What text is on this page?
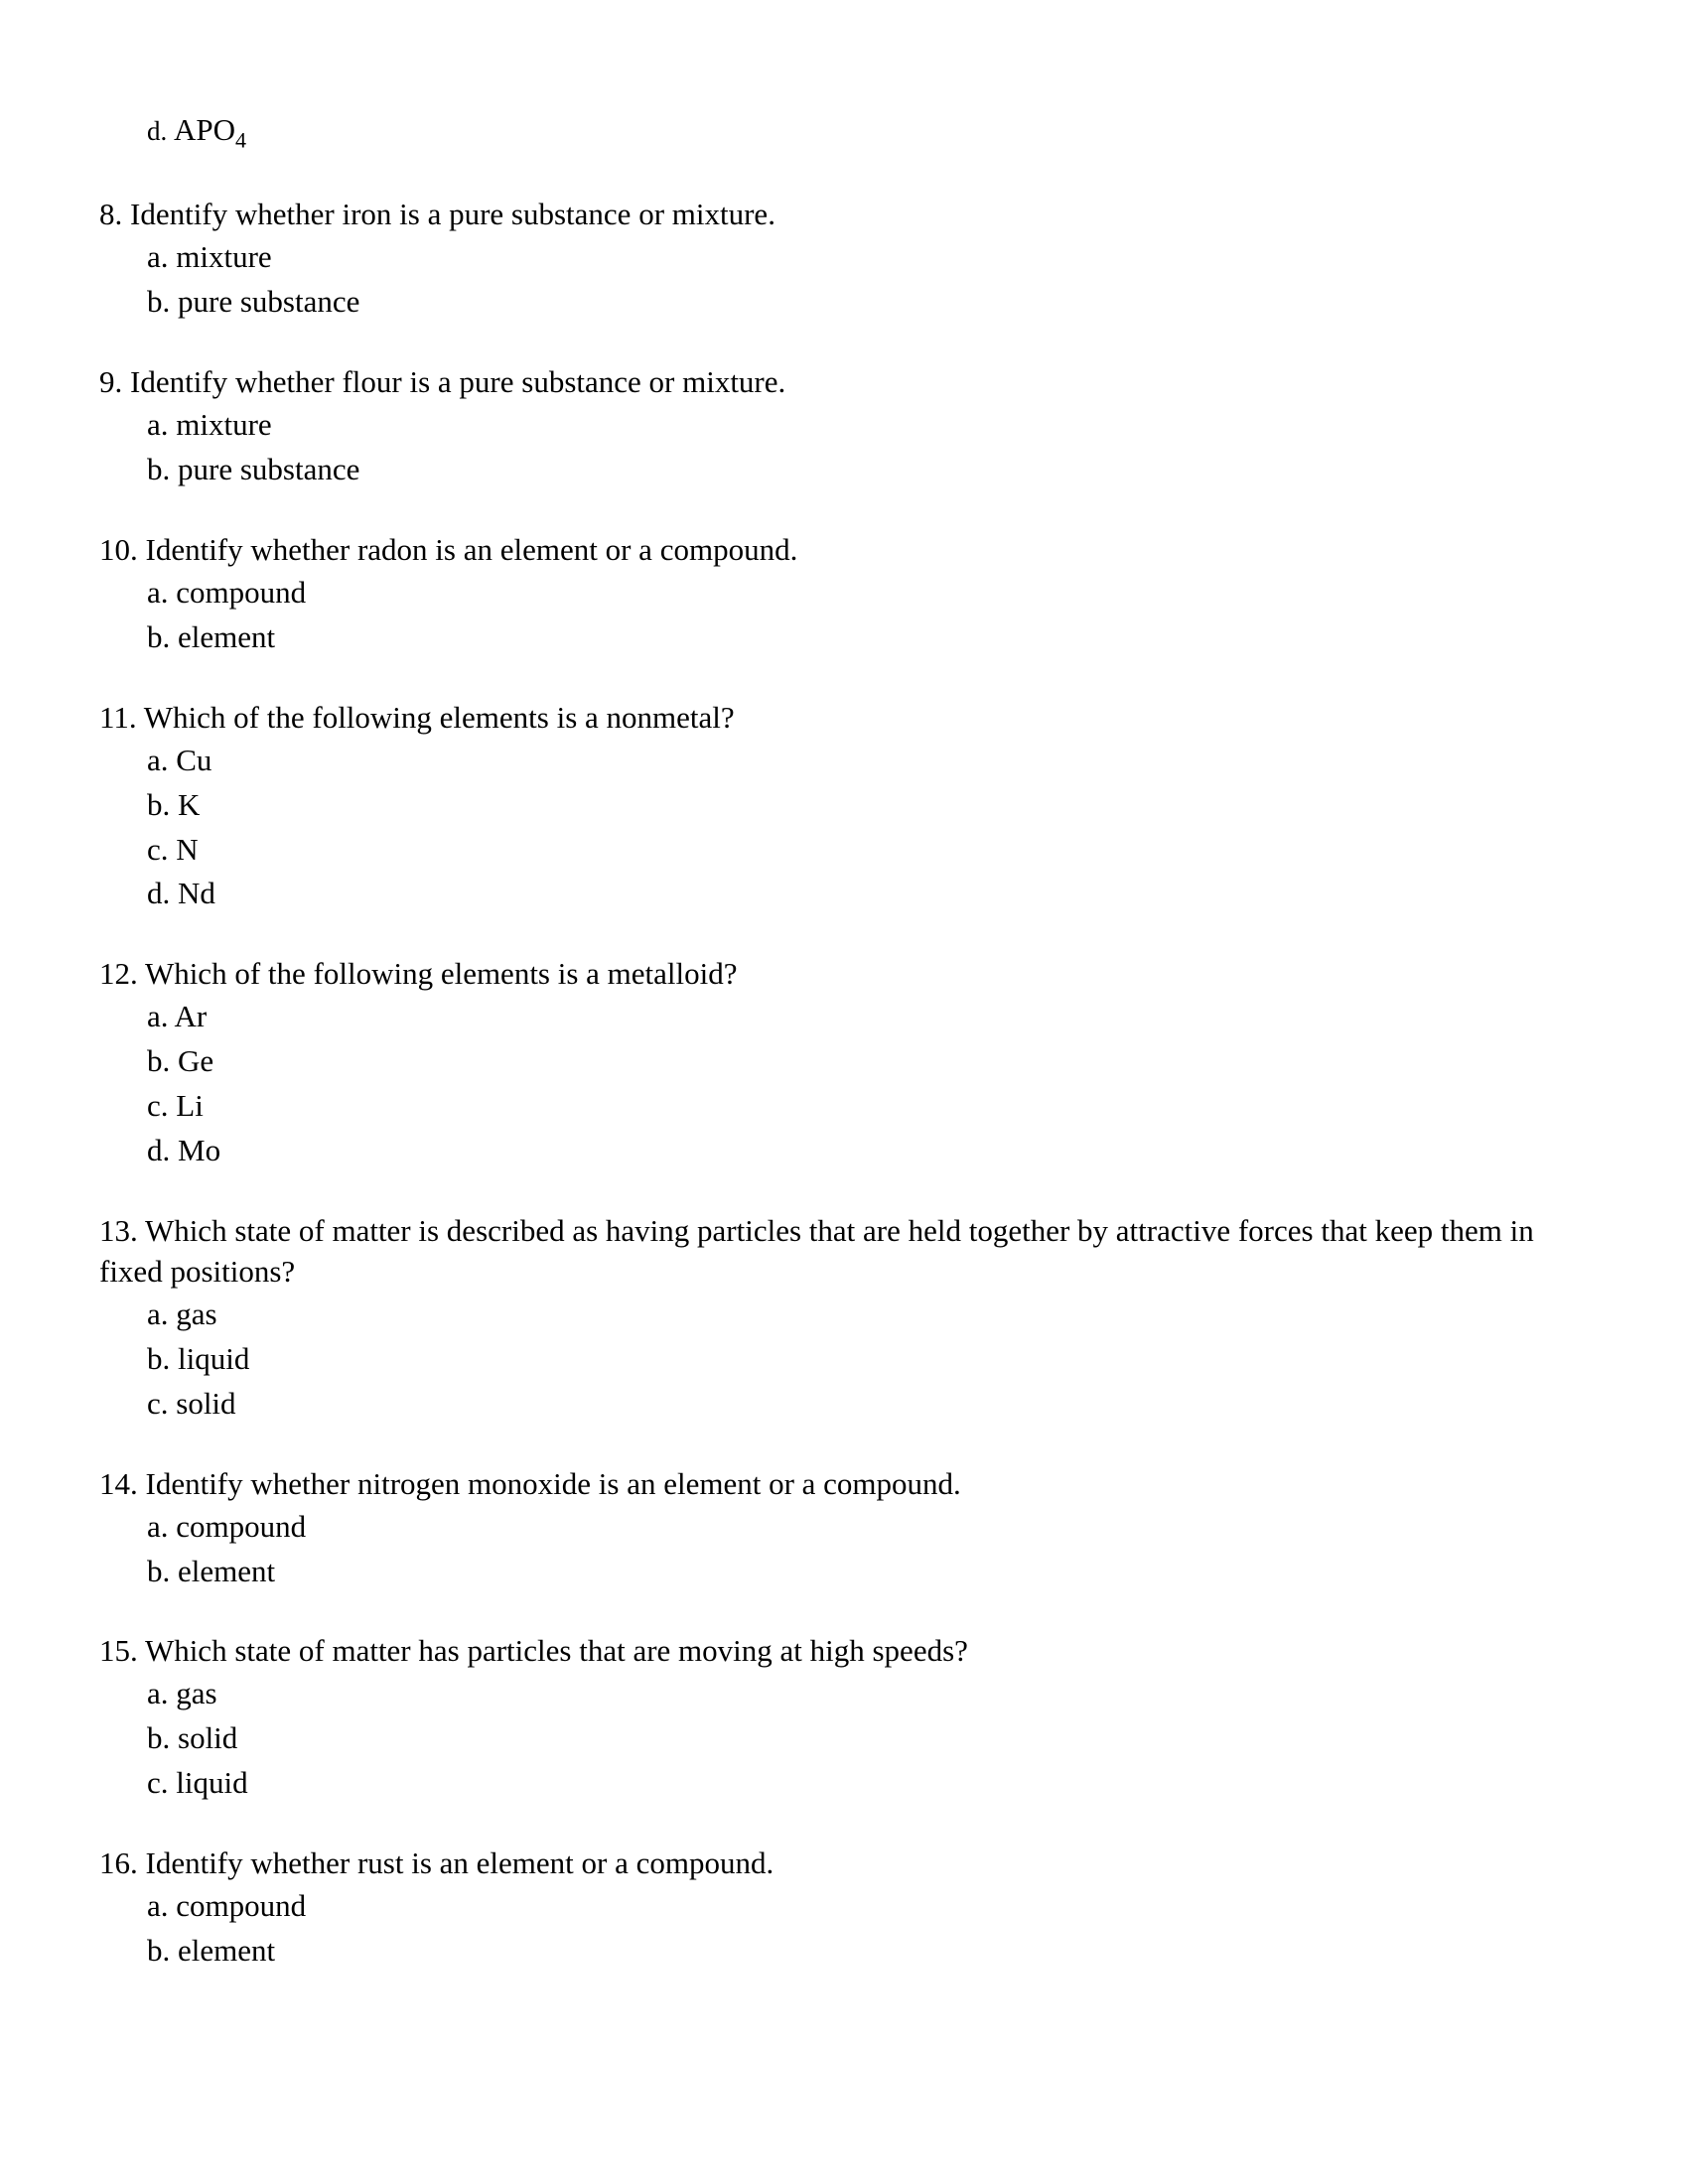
d. $APO_4$

8. Identify whether iron is a pure substance or mixture.

a. mixture
b. pure substance

9. Identify whether flour is a pure substance or mixture.

a. mixture
b. pure substance

10. Identify whether radon is an element or a compound.

a. compound
b. element

11. Which of the following elements is a nonmetal?

a. Cu
b. K
c. N
d. Nd

12. Which of the following elements is a metalloid?

a. Ar
b. Ge
c. Li
d. Mo

13. Which state of matter is described as having particles that are held together by attractive forces that keep them in fixed positions?

a. gas
b. liquid
c. solid

14. Identify whether nitrogen monoxide is an element or a compound.

a. compound
b. element

15. Which state of matter has particles that are moving at high speeds?

a. gas
b. solid
c. liquid

16. Identify whether rust is an element or a compound.

a. compound
b. element
